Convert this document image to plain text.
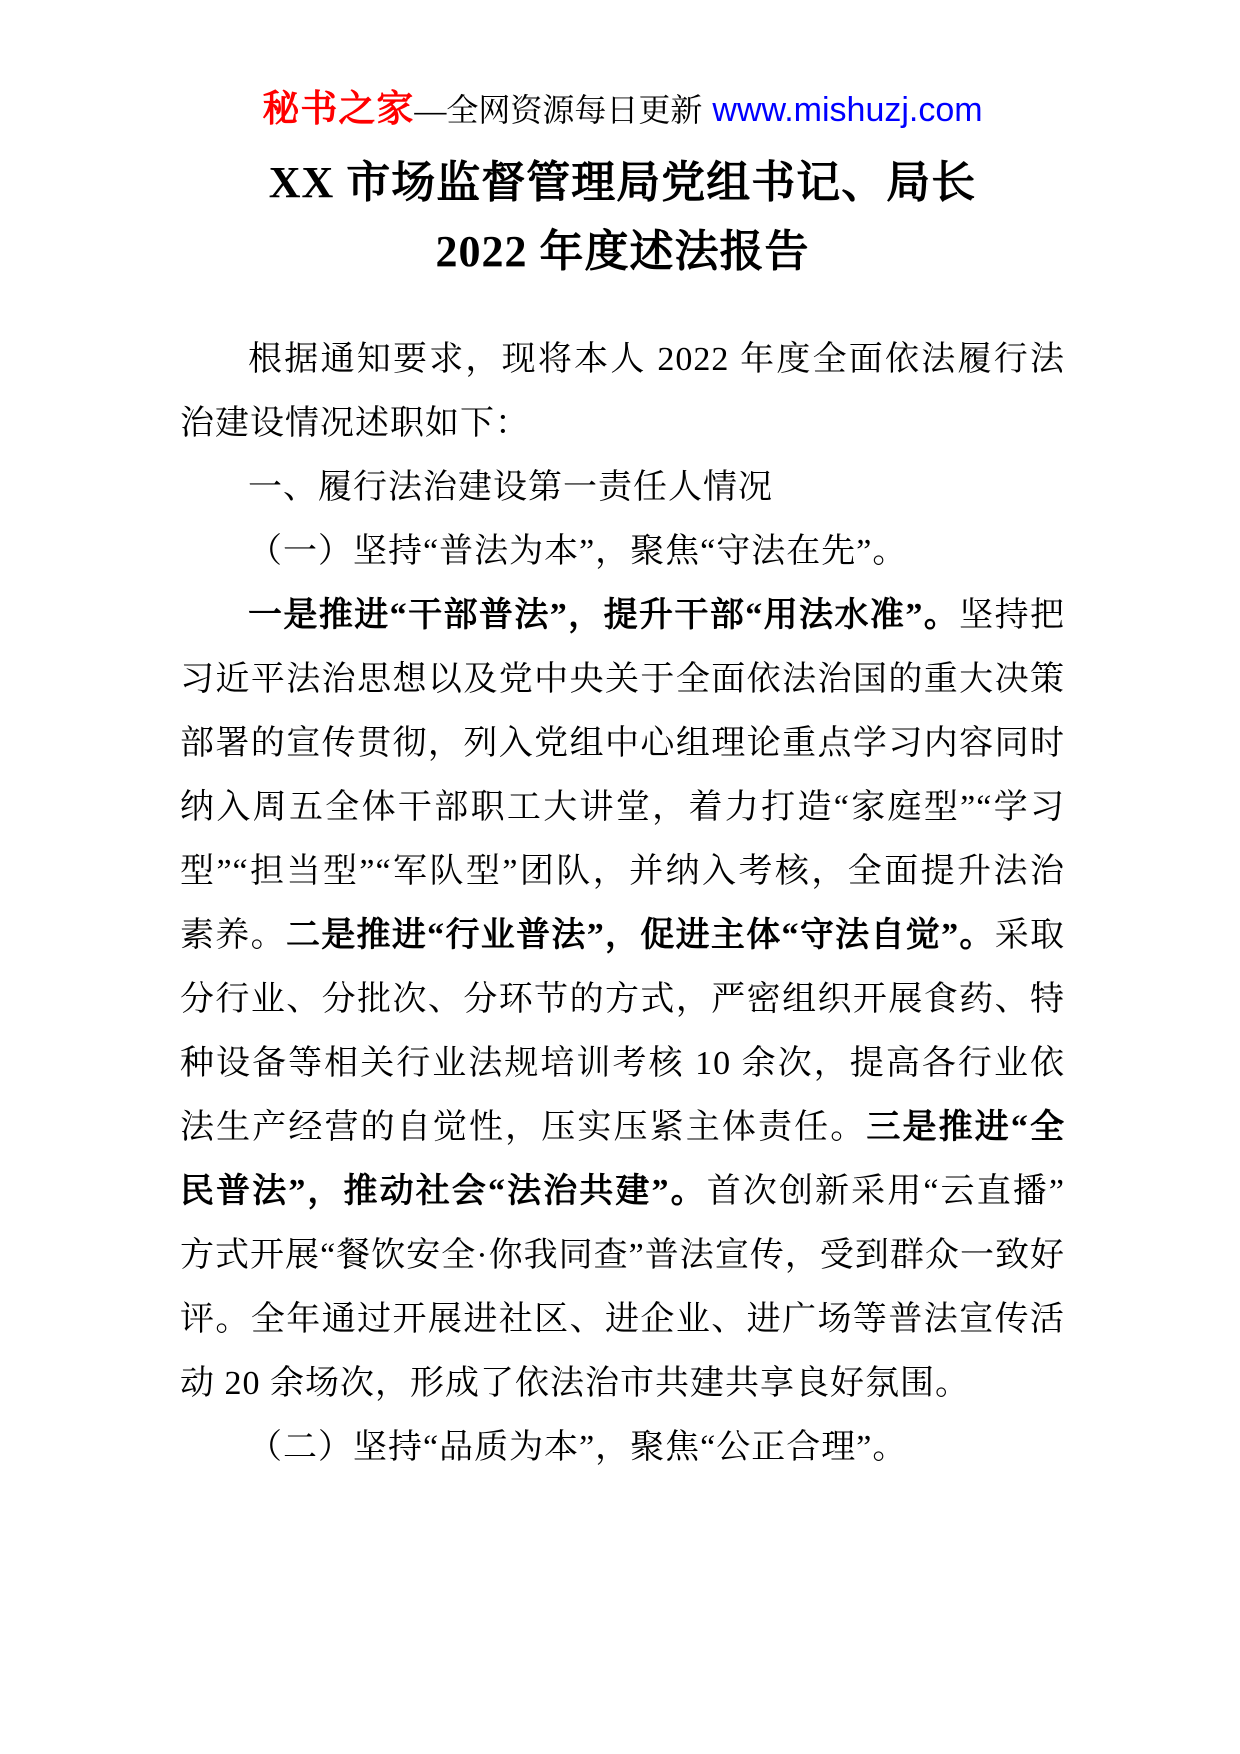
秘书之家—全网资源每日更新 www.mishuzj.com
XX 市场监督管理局党组书记、局长
2022 年度述法报告

根据通知要求，现将本人 2022 年度全面依法履行法治建设情况述职如下：

一、履行法治建设第一责任人情况

（一）坚持“普法为本”，聚焦“守法在先”。

一是推进“干部普法”，提升干部“用法水准”。坚持把习近平法治思想以及党中央关于全面依法治国的重大决策部署的宣传贯彻，列入党组中心组理论重点学习内容同时纳入周五全体干部职工大讲堂，着力打造“家庭型”“学习型”“担当型”“军队型”团队，并纳入考核，全面提升法治素养。二是推进“行业普法”，促进主体“守法自觉”。采取分行业、分批次、分环节的方式，严密组织开展食药、特种设备等相关行业法规培训考核 10 余次，提高各行业依法生产经营的自觉性，压实压紧主体责任。三是推进“全民普法”，推动社会“法治共建”。首次创新采用“云直播”方式开展“餐饮安全·你我同查”普法宣传，受到群众一致好评。全年通过开展进社区、进企业、进广场等普法宣传活动 20 余场次，形成了依法治市共建共享良好氛围。

（二）坚持“品质为本”，聚焦“公正合理”。
